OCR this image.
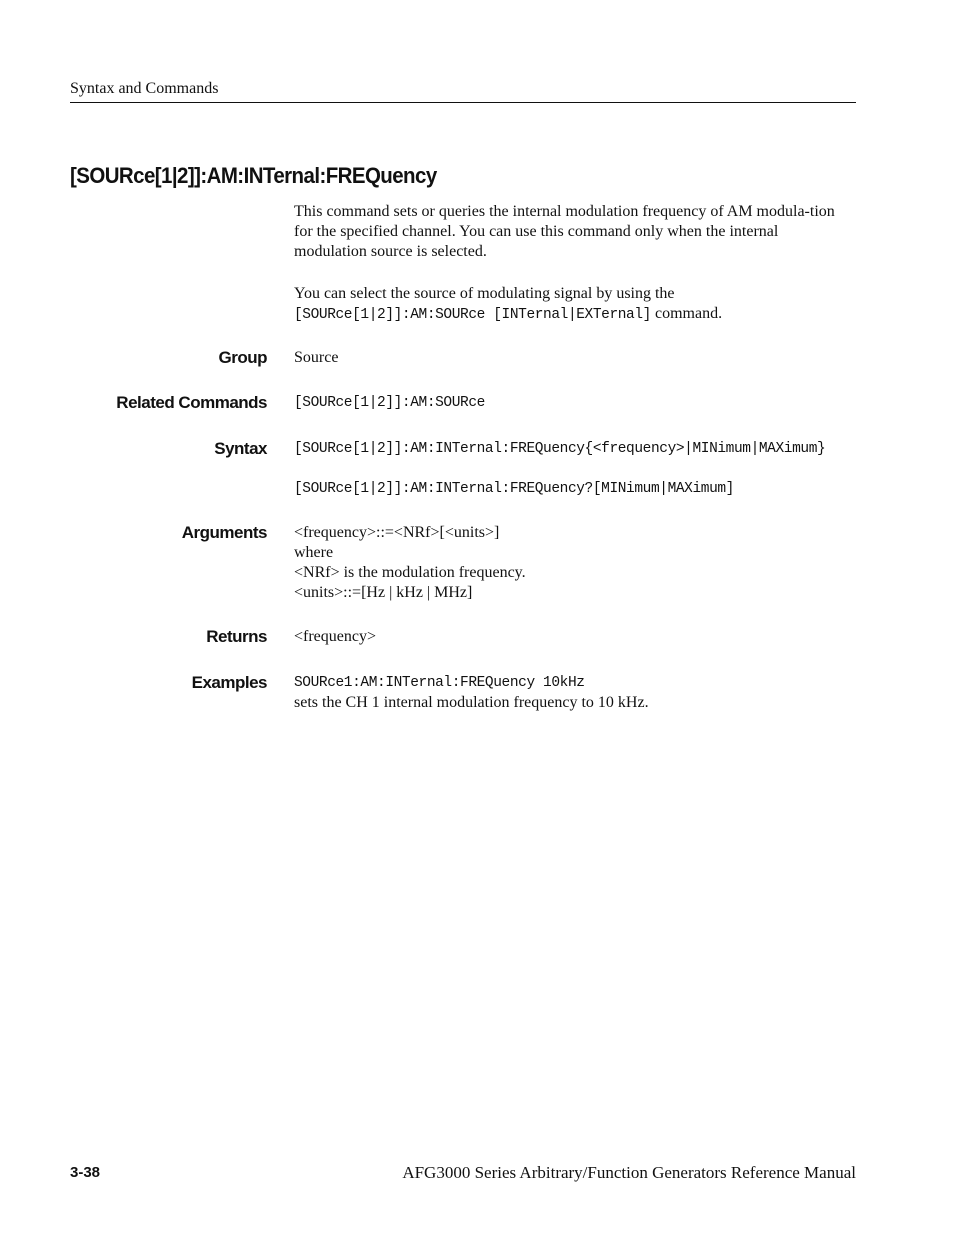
Syntax and Commands
[SOURce[1|2]]:AM:INTernal:FREQuency

This command sets or queries the internal modulation frequency of AM modula-tion for the specified channel. You can use this command only when the internal modulation source is selected.

You can select the source of modulating signal by using the
[SOURce[1|2]]:AM:SOURce [INTernal|EXTernal] command.

Group Source
Related Commands [SOURce[1|2]]:AM:SOURce
Syntax [SOURce[1|2]]:AM:INTernal:FREQuency{<frequency>|MINimum|MAXimum}
[SOURce[1|2]]:AM:INTernal:FREQuency?[MINimum|MAXimum]
Arguments <frequency>::=<NRf>[<units>]
where
<NRf> is the modulation frequency.
<units>::=[Hz | kHz | MHz]
Returns <frequency>
Examples SOURce1:AM:INTernal:FREQuency 10kHz
sets the CH 1 internal modulation frequency to 10 kHz.
3-38	AFG3000 Series Arbitrary/Function Generators Reference Manual
